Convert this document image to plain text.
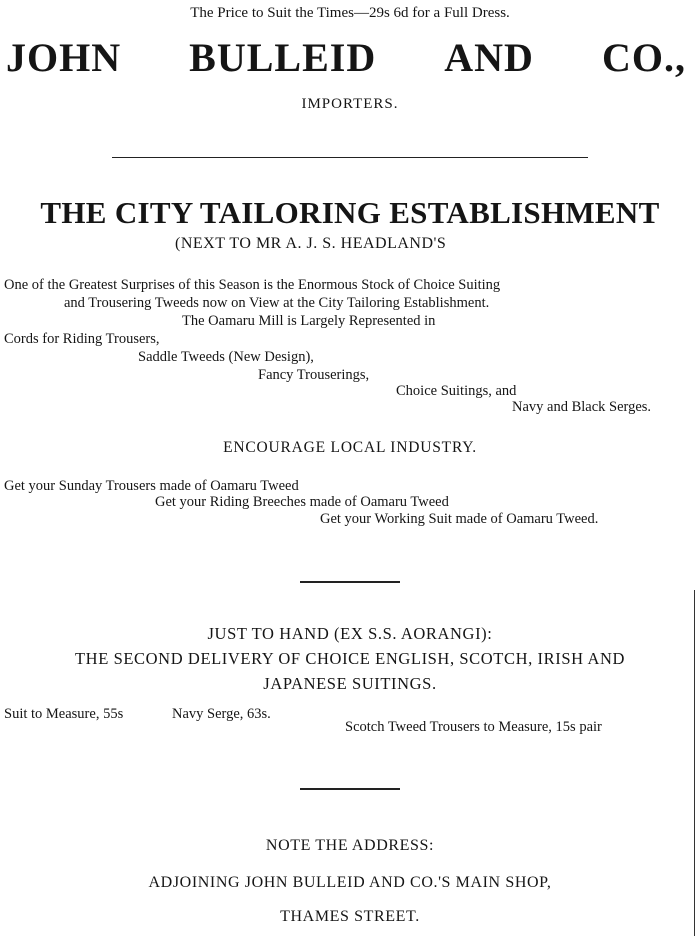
The Price to Suit the Times—29s 6d for a Full Dress.
JOHN BULLEID AND CO.,
IMPORTERS.
THE CITY TAILORING ESTABLISHMENT
(NEXT TO MR A. J. S. HEADLAND'S
One of the Greatest Surprises of this Season is the Enormous Stock of Choice Suiting
and Trousering Tweeds now on View at the City Tailoring Establishment.
The Oamaru Mill is Largely Represented in
Cords for Riding Trousers,
Saddle Tweeds (New Design),
Fancy Trouserings,
Choice Suitings, and
Navy and Black Serges.
ENCOURAGE LOCAL INDUSTRY.
Get your Sunday Trousers made of Oamaru Tweed
Get your Riding Breeches made of Oamaru Tweed
Get your Working Suit made of Oamaru Tweed.
JUST TO HAND (EX S.S. AORANGI):
THE SECOND DELIVERY OF CHOICE ENGLISH, SCOTCH, IRISH AND
JAPANESE SUITINGS.
Suit to Measure, 55s	Navy Serge, 63s.
Scotch Tweed Trousers to Measure, 15s pair
NOTE THE ADDRESS:
ADJOINING JOHN BULLEID AND CO.'S MAIN SHOP,
THAMES STREET.
